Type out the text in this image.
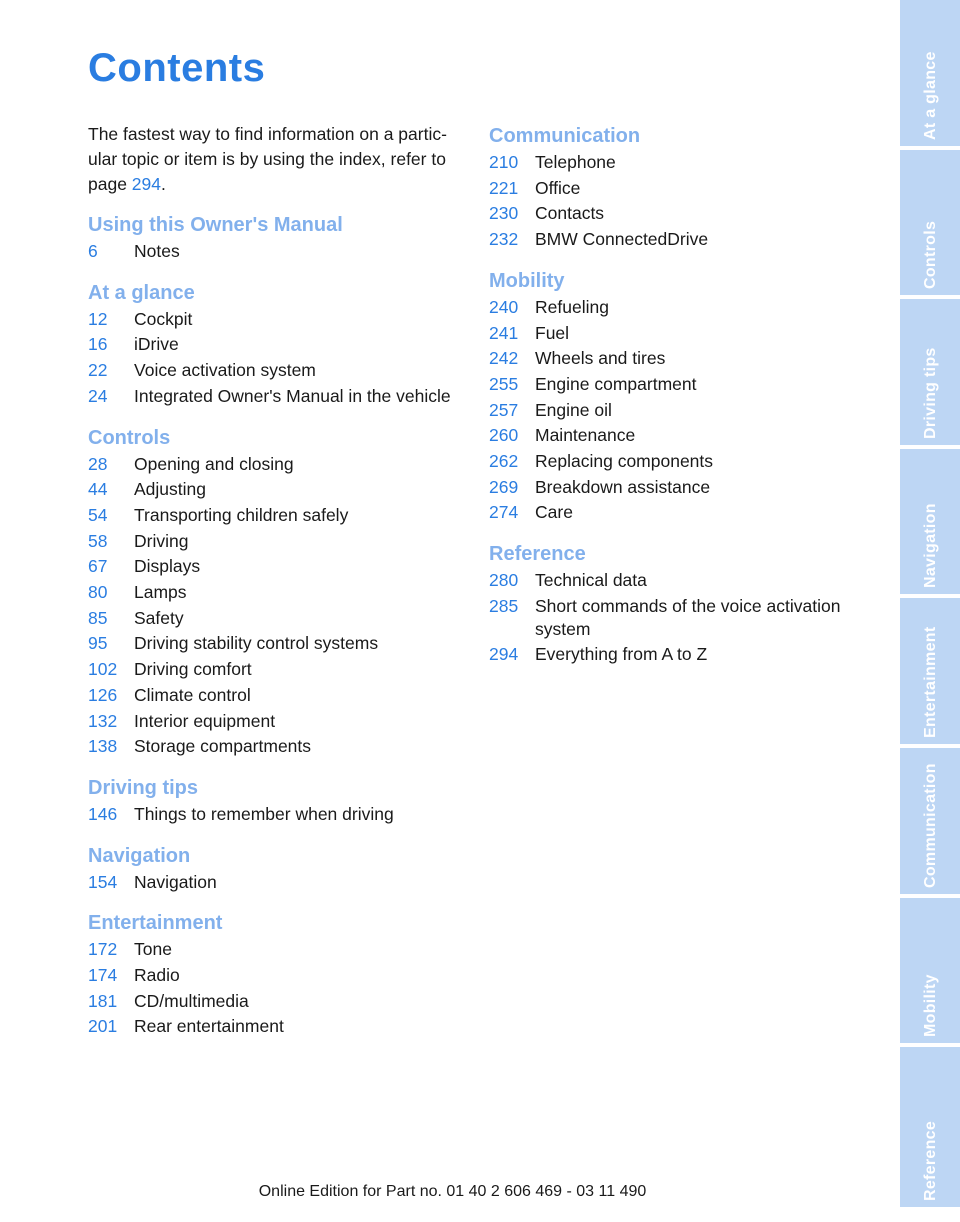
Contents

The fastest way to find information on a particular topic or item is by using the index, refer to page 294.

Using this Owner's Manual
6	Notes
At a glance
12	Cockpit
16	iDrive
22	Voice activation system
24	Integrated Owner's Manual in the vehicle
Controls
28	Opening and closing
44	Adjusting
54	Transporting children safely
58	Driving
67	Displays
80	Lamps
85	Safety
95	Driving stability control systems
102 Driving comfort
126 Climate control
132 Interior equipment
138 Storage compartments
Driving tips
146 Things to remember when driving
Navigation
154 Navigation
Entertainment
172 Tone
174 Radio
181 CD/multimedia
201 Rear entertainment
Communication
210 Telephone
221 Office
230 Contacts
232 BMW ConnectedDrive
Mobility
240 Refueling
241 Fuel
242 Wheels and tires
255 Engine compartment
257 Engine oil
260 Maintenance
262 Replacing components
269 Breakdown assistance
274 Care
Reference
280 Technical data
285 Short commands of the voice activation system
294 Everything from A to Z
Online Edition for Part no. 01 40 2 606 469 - 03 11 490
At a glance
Controls
Driving tips
Navigation
Entertainment
Communication
Mobility
Reference
